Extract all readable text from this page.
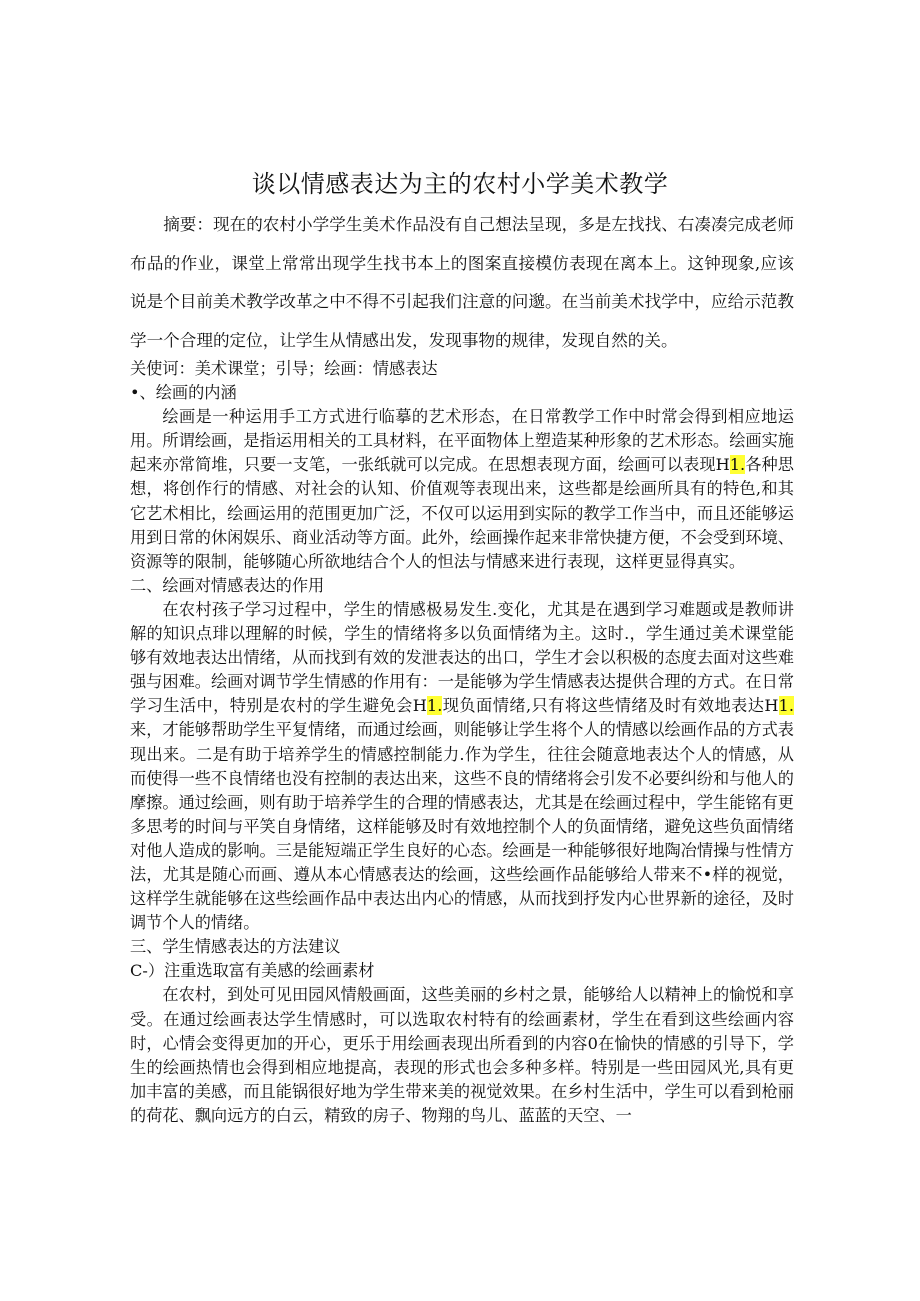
谈以情感表达为主的农村小学美术教学

摘要：现在的农村小学学生美术作品没有自己想法呈现，多是左找找、右凑凑完成老师布品的作业，课堂上常常出现学生找书本上的图案直接模仿表现在离本上。这钟现象,应该说是个目前美术教学改革之中不得不引起我们注意的问邈。在当前美术找学中，应给示范教学一个合理的定位，让学生从情感出发，发现事物的规律，发现自然的关。

关使诃：美术课堂；引导；绘画：情感表达

•、绘画的内涵

绘画是一种运用手工方式进行临摹的艺术形态，在日常教学工作中时常会得到相应地运用。所谓绘画，是指运用相关的工具材料，在平面物体上塑造某种形象的艺术形态。绘画实施起来亦常简堆，只要一支笔，一张纸就可以完成。在思想表现方面，绘画可以表现H1.各种思想，将创作行的情感、对社会的认知、价值观等表现出来，这些都是绘画所具有的特色,和其它艺术相比，绘画运用的范围更加广泛，不仅可以运用到实际的教学工作当中，而且还能够运用到日常的休闲娱乐、商业活动等方面。此外，绘画操作起来非常快捷方便，不会受到环境、资源等的限制，能够随心所欲地结合个人的怛法与情感来进行表现，这样更显得真实。

二、绘画对情感表达的作用

在农村孩子学习过程中，学生的情感极易发生.变化，尤其是在遇到学习难题或是教师讲解的知识点琲以理解的时候，学生的情绪将多以负面情绪为主。这时.，学生通过美术课堂能够有效地表达出情绪，从而找到有效的发泄表达的出口，学生才会以积极的态度去面对这些难强与困难。绘画对调节学生情感的作用有：一是能够为学生情感表达提供合理的方式。在日常学习生活中，特别是农村的学生避免会H1.现负面情绪,只有将这些情绪及时有效地表达H1.来，才能够帮助学生平复情绪，而通过绘画，则能够让学生将个人的情感以绘画作品的方式表现出来。二是有助于培养学生的情感控制能力.作为学生，往往会随意地表达个人的情感，从而使得一些不良情绪也没有控制的表达出来，这些不良的情绪将会引发不必要纠纷和与他人的摩擦。通过绘画，则有助于培养学生的合理的情感表达，尤其是在绘画过程中，学生能铭有更多思考的时间与平笑自身情绪，这样能够及时有效地控制个人的负面情绪，避免这些负面情绪对他人造成的影响。三是能短端正学生良好的心态。绘画是一种能够很好地陶冶情操与性情方法，尤其是随心而画、遵从本心情感表达的绘画，这些绘画作品能够给人带来不•样的视觉，这样学生就能够在这些绘画作品中表达出内心的情感，从而找到抒发内心世界新的途径，及时调节个人的情绪。

三、学生情感表达的方法建议

C-）注重选取富有美感的绘画素材

在农村，到处可见田园风情般画面，这些美丽的乡村之景，能够给人以精神上的愉悦和享受。在通过绘画表达学生情感时，可以选取农村特有的绘画素材，学生在看到这些绘画内容时，心情会变得更加的开心，更乐于用绘画表现出所看到的内容0在愉快的情感的引导下，学生的绘画热情也会得到相应地提高，表现的形式也会多种多样。特别是一些田园风光,具有更加丰富的美感，而且能锅很好地为学生带来美的视觉效果。在乡村生活中，学生可以看到枪丽的荷花、飘向远方的白云，精致的房子、物翔的鸟儿、蓝蓝的天空、一
